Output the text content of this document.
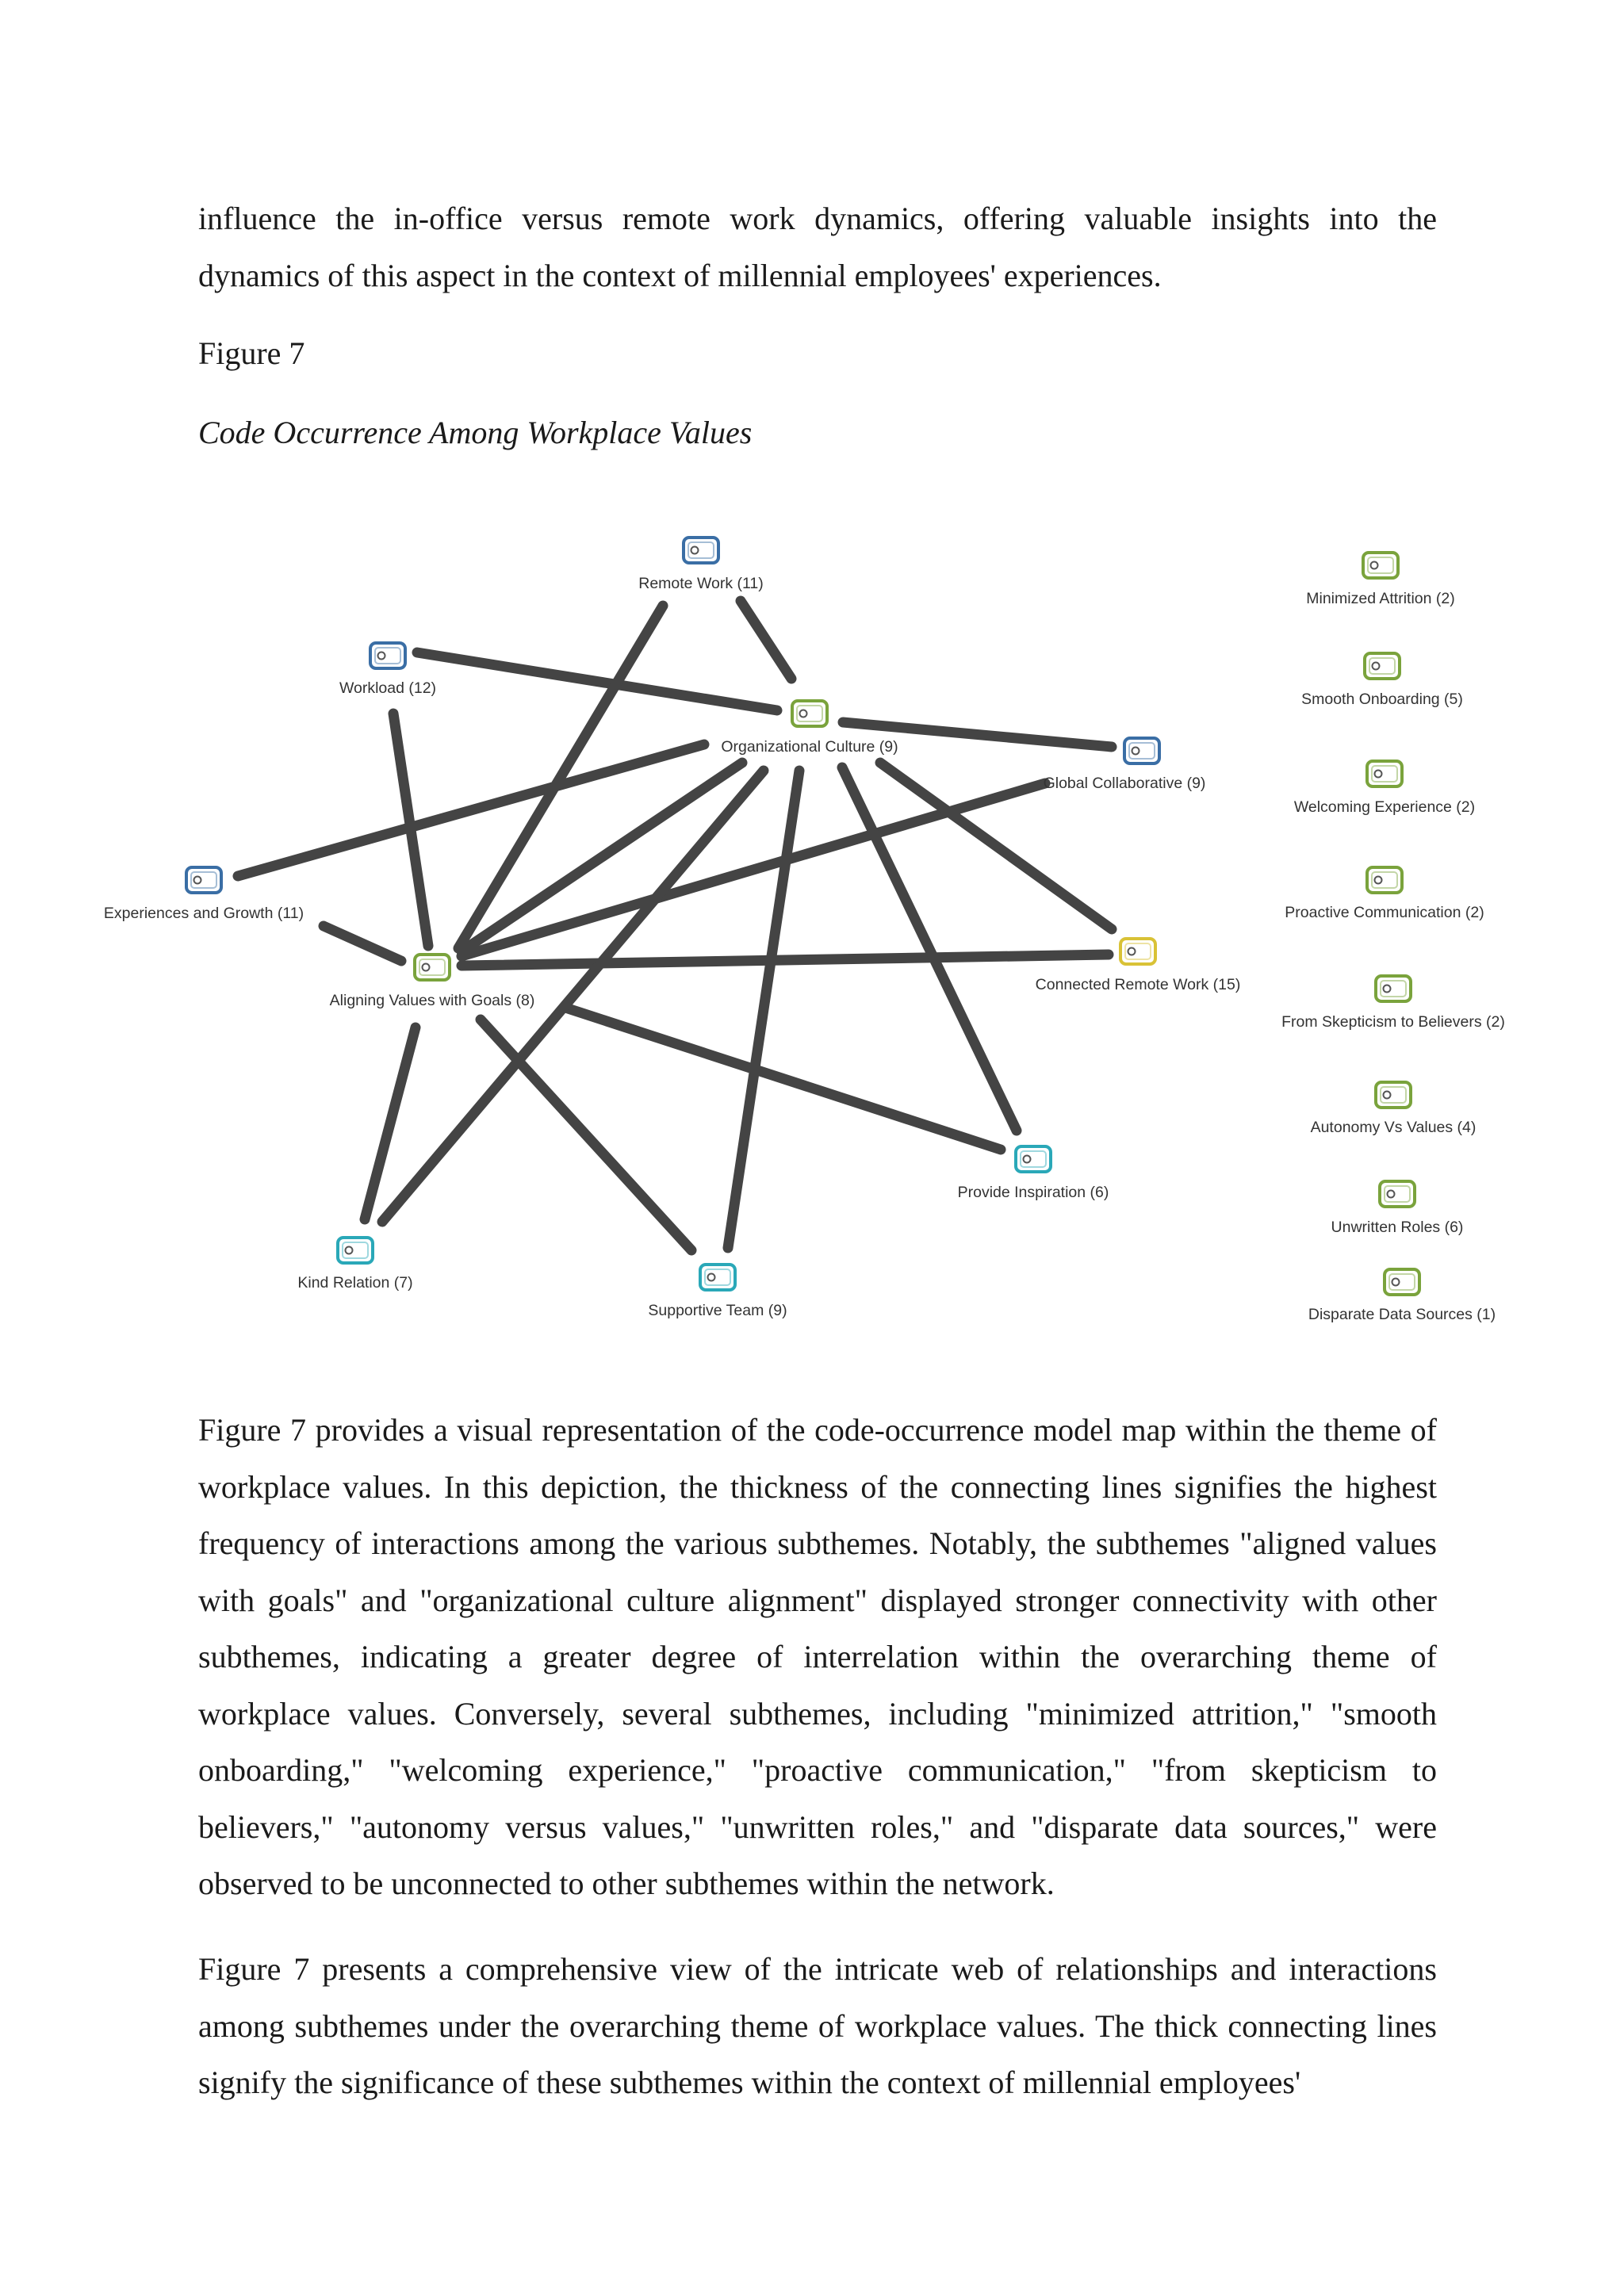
influence the in-office versus remote work dynamics, offering valuable insights into the dynamics of this aspect in the context of millennial employees' experiences.

Figure 7

Code Occurrence Among Workplace Values

Remote Work (11)
Workload (12)
Organizational Culture (9)
Global Collaborative (9)
Experiences and Growth (11)
Aligning Values with Goals (8)
Connected Remote Work (15)
Provide Inspiration (6)
Kind Relation (7)
Supportive Team (9)
Minimized Attrition (2)
Smooth Onboarding (5)
Welcoming Experience (2)
Proactive Communication (2)
From Skepticism to Believers (2)
Autonomy Vs Values (4)
Unwritten Roles (6)
Disparate Data Sources (1)

Figure 7 provides a visual representation of the code-occurrence model map within the theme of workplace values. In this depiction, the thickness of the connecting lines signifies the highest frequency of interactions among the various subthemes. Notably, the subthemes "aligned values with goals" and "organizational culture alignment" displayed stronger connectivity with other subthemes, indicating a greater degree of interrelation within the overarching theme of workplace values. Conversely, several subthemes, including "minimized attrition," "smooth onboarding," "welcoming experience," "proactive communication," "from skepticism to believers," "autonomy versus values," "unwritten roles," and "disparate data sources," were observed to be unconnected to other subthemes within the network.

Figure 7 presents a comprehensive view of the intricate web of relationships and interactions among subthemes under the overarching theme of workplace values. The thick connecting lines signify the significance of these subthemes within the context of millennial employees'
